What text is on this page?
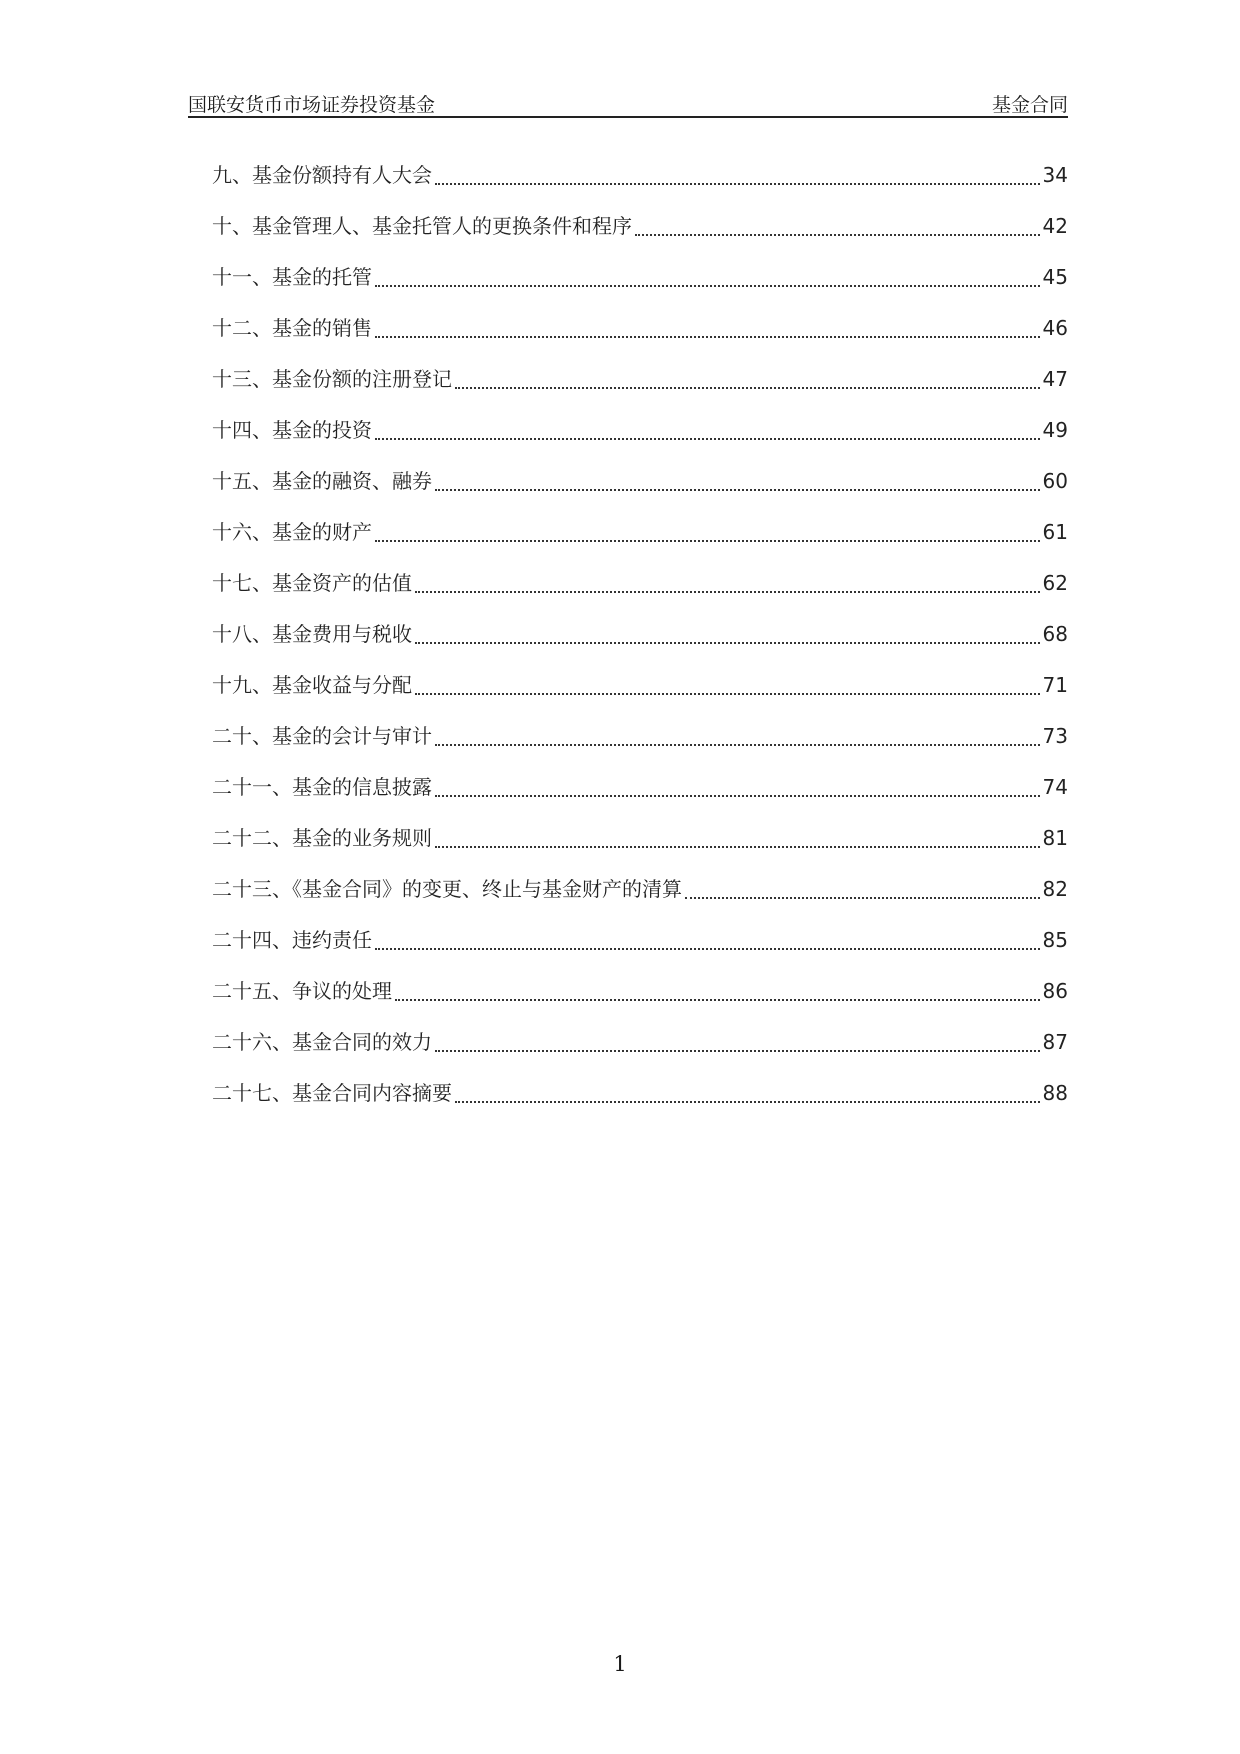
国联安货币市场证券投资基金	基金合同
九、基金份额持有人大会	34
十、基金管理人、基金托管人的更换条件和程序	42
十一、基金的托管	45
十二、基金的销售	46
十三、基金份额的注册登记	47
十四、基金的投资	49
十五、基金的融资、融券	60
十六、基金的财产	61
十七、基金资产的估值	62
十八、基金费用与税收	68
十九、基金收益与分配	71
二十、基金的会计与审计	73
二十一、基金的信息披露	74
二十二、基金的业务规则	81
二十三、《基金合同》的变更、终止与基金财产的清算	82
二十四、违约责任	85
二十五、争议的处理	86
二十六、基金合同的效力	87
二十七、基金合同内容摘要	88
1
